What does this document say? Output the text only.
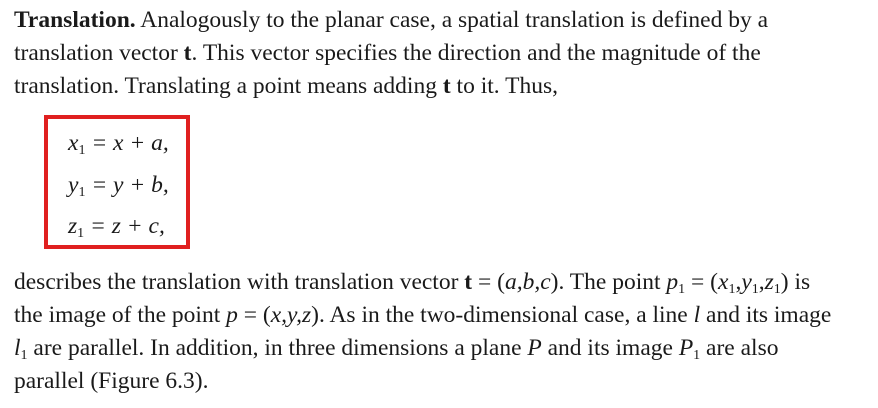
Translation. Analogously to the planar case, a spatial translation is defined by a
translation vector t. This vector specifies the direction and the magnitude of the
translation. Translating a point means adding t to it. Thus,
$x_1 = x + a$,
$y_1 = y + b$,
$z_1 = z + c$,
describes the translation with translation vector t = (a,b,c). The point $p_1 = (x_1,y_1,z_1)$ is
the image of the point p = (x,y,z). As in the two-dimensional case, a line l and its image
$l_1$ are parallel. In addition, in three dimensions a plane P and its image $P_1$ are also
parallel (Figure 6.3).
